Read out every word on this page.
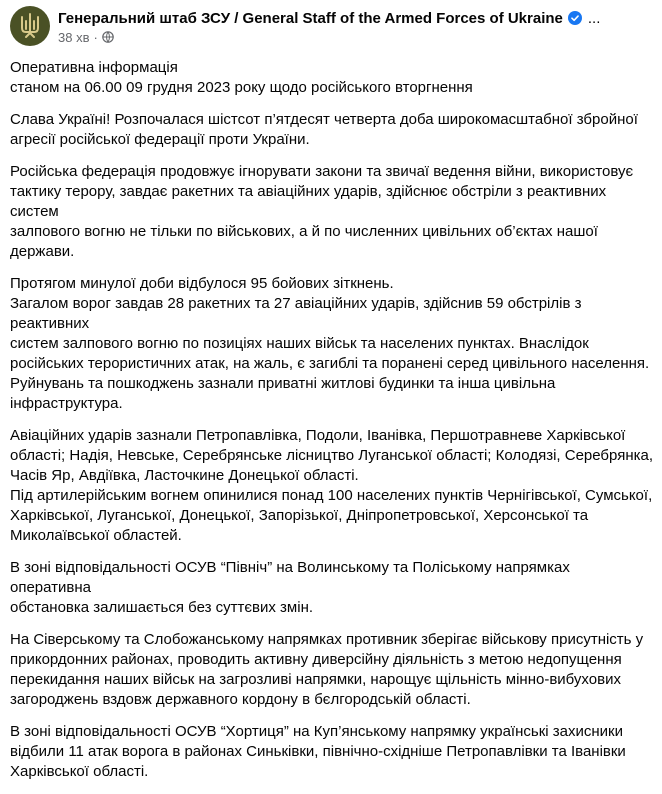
Генеральний штаб ЗСУ / General Staff of the Armed Forces of Ukraine ...
38 хв ·

Оперативна інформація
станом на 06.00 09 грудня 2023 року щодо російського вторгнення

Слава Україні! Розпочалася шістсот п’ятдесят четверта доба широкомасштабної збройної
агресії російської федерації проти України.

Російська федерація продовжує ігнорувати закони та звичаї ведення війни, використовує
тактику терору, завдає ракетних та авіаційних ударів, здійснює обстріли з реактивних систем
залпового вогню не тільки по військових, а й по численних цивільних об’єктах нашої
держави.

Протягом минулої доби відбулося 95 бойових зіткнень.
Загалом ворог завдав 28 ракетних та 27 авіаційних ударів, здійснив 59 обстрілів з реактивних
систем залпового вогню по позиціях наших військ та населених пунктах. Внаслідок
російських терористичних атак, на жаль, є загиблі та поранені серед цивільного населення.
Руйнувань та пошкоджень зазнали приватні житлові будинки та інша цивільна
інфраструктура.

Авіаційних ударів зазнали Петропавлівка, Подоли, Іванівка, Першотравневе Харківської
області; Надія, Невське, Серебрянське лісництво Луганської області; Колодязі, Серебрянка,
Часів Яр, Авдіївка, Ласточкине Донецької області.
Під артилерійським вогнем опинилися понад 100 населених пунктів Чернігівської, Сумської,
Харківської, Луганської, Донецької, Запорізької, Дніпропетровської, Херсонської та
Миколаївської областей.

В зоні відповідальності ОСУВ “Північ” на Волинському та Поліському напрямках оперативна
обстановка залишається без суттєвих змін.

На Сіверському та Слобожанському напрямках противник зберігає військову присутність у
прикордонних районах, проводить активну диверсійну діяльність з метою недопущення
перекидання наших військ на загрозливі напрямки, нарощує щільність мінно-вибухових
загороджень вздовж державного кордону в бєлгородській області.

В зоні відповідальності ОСУВ “Хортиця” на Куп’янському напрямку українські захисники
відбили 11 атак ворога в районах Синьківки, північно-східніше Петропавлівки та Іванівки
Харківської області.
